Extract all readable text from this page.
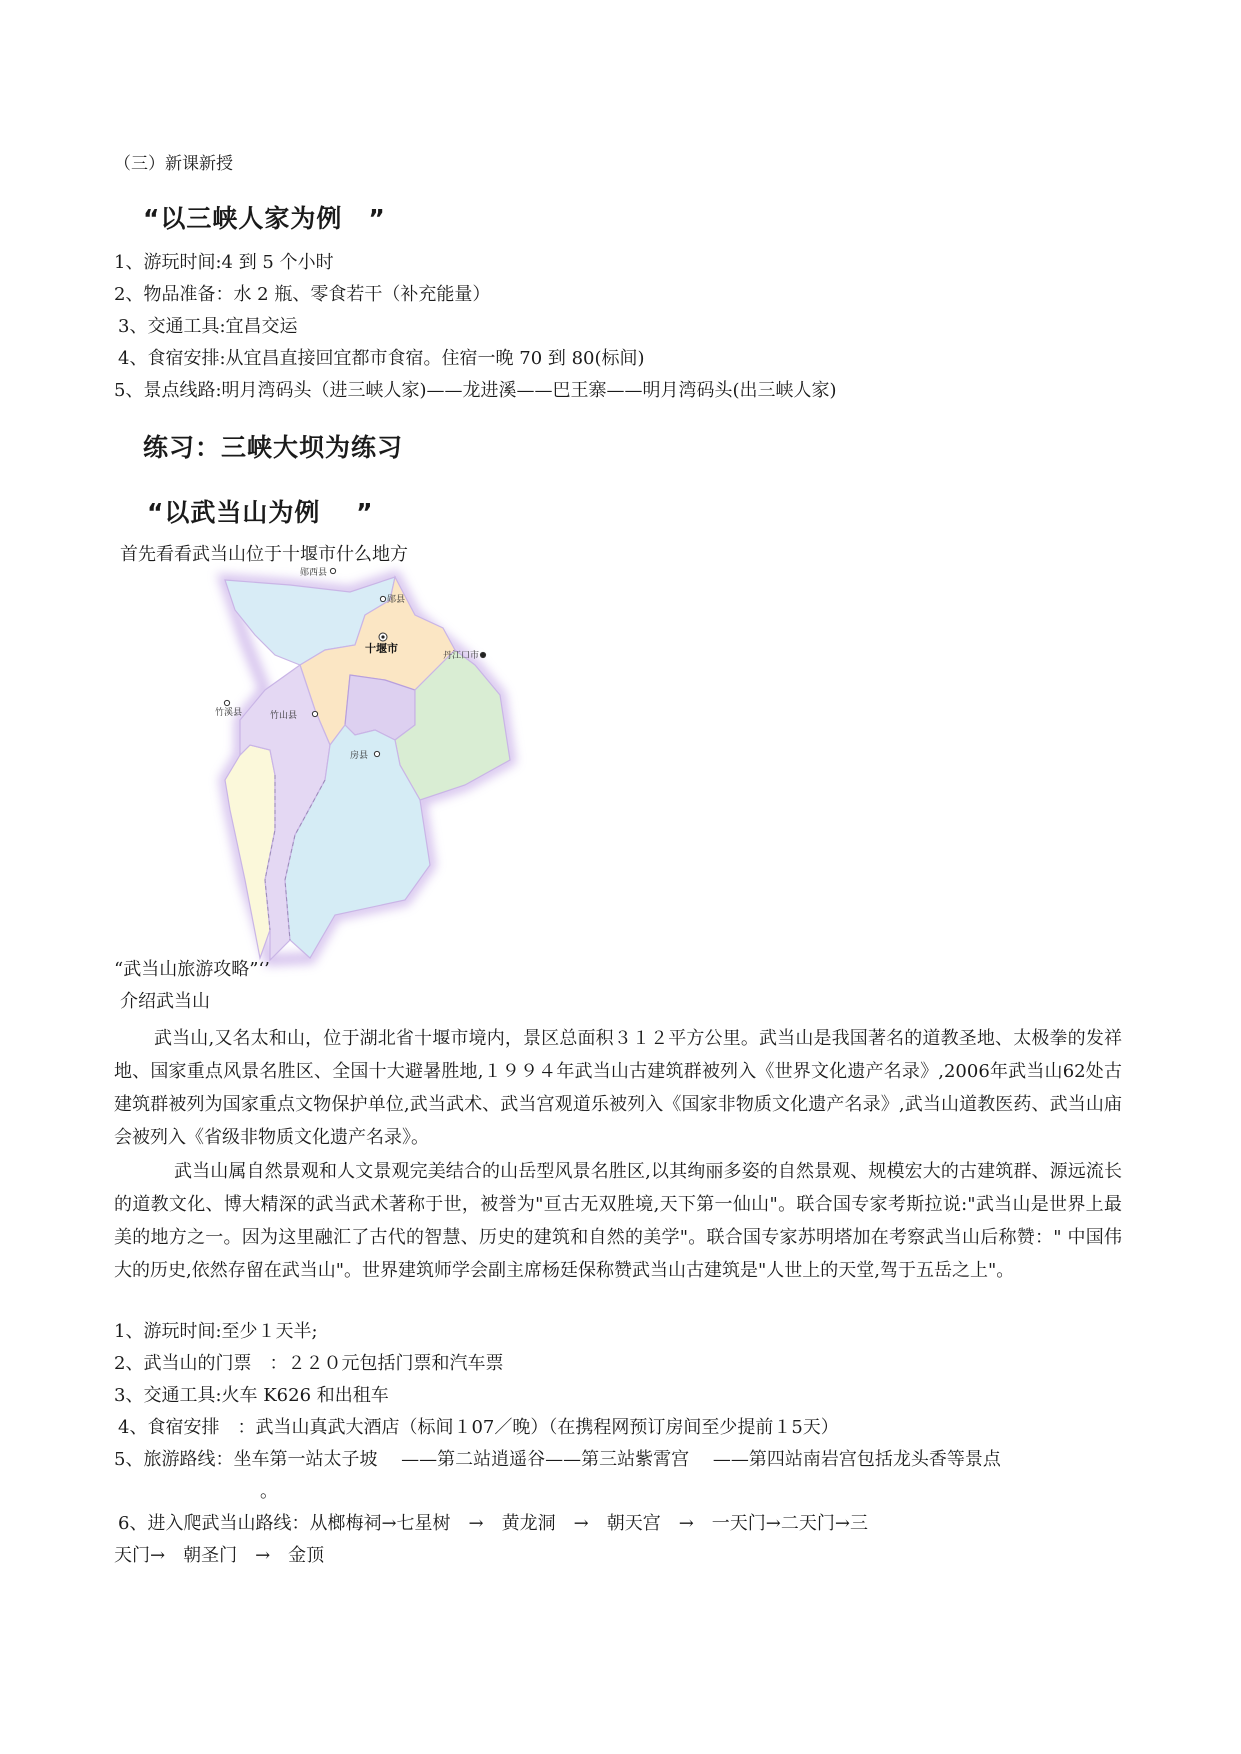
（三）新课新授
“以三峡人家为例　”
1、游玩时间:4 到 5 个小时
2、物品准备：水 2 瓶、零食若干（补充能量）
3、交通工具:宜昌交运
4、食宿安排:从宜昌直接回宜都市食宿。住宿一晚 70 到 80(标间)
5、景点线路:明月湾码头（进三峡人家)——龙进溪——巴王寨——明月湾码头(出三峡人家)
练习：三峡大坝为练习
“以武当山为例　 ”
首先看看武当山位于十堰市什么地方
郧西县
郧县
十堰市
丹江口市
竹溪县	竹山县
房县
“武当山旅游攻略”‘’
介绍武当山
武当山,又名太和山，位于湖北省十堰市境内，景区总面积３１２平方公里。武当山是我国著名的道教圣地、太极拳的发祥地、国家重点风景名胜区、全国十大避暑胜地,１９９４年武当山古建筑群被列入《世界文化遗产名录》,2006年武当山62处古建筑群被列为国家重点文物保护单位,武当武术、武当宫观道乐被列入《国家非物质文化遗产名录》,武当山道教医药、武当山庙会被列入《省级非物质文化遗产名录》。
武当山属自然景观和人文景观完美结合的山岳型风景名胜区,以其绚丽多姿的自然景观、规模宏大的古建筑群、源远流长的道教文化、博大精深的武当武术著称于世，被誉为"亘古无双胜境,天下第一仙山"。联合国专家考斯拉说:"武当山是世界上最美的地方之一。因为这里融汇了古代的智慧、历史的建筑和自然的美学"。联合国专家苏明塔加在考察武当山后称赞：" 中国伟大的历史,依然存留在武当山"。世界建筑师学会副主席杨廷保称赞武当山古建筑是"人世上的天堂,驾于五岳之上"。
1、游玩时间:至少１天半;
2、武当山的门票　：２２０元包括门票和汽车票
3、交通工具:火车 K626 和出租车
4、食宿安排　：武当山真武大酒店（标间１07／晚）（在携程网预订房间至少提前１5天）
5、旅游路线：坐车第一站太子坡　 ——第二站逍遥谷——第三站紫霄宫　 ——第四站南岩宫包括龙头香等景点
。
6、进入爬武当山路线：从榔梅祠→七星树　→　黄龙洞　→　朝天宫　→　一天门→二天门→三
天门→　朝圣门　→　金顶
